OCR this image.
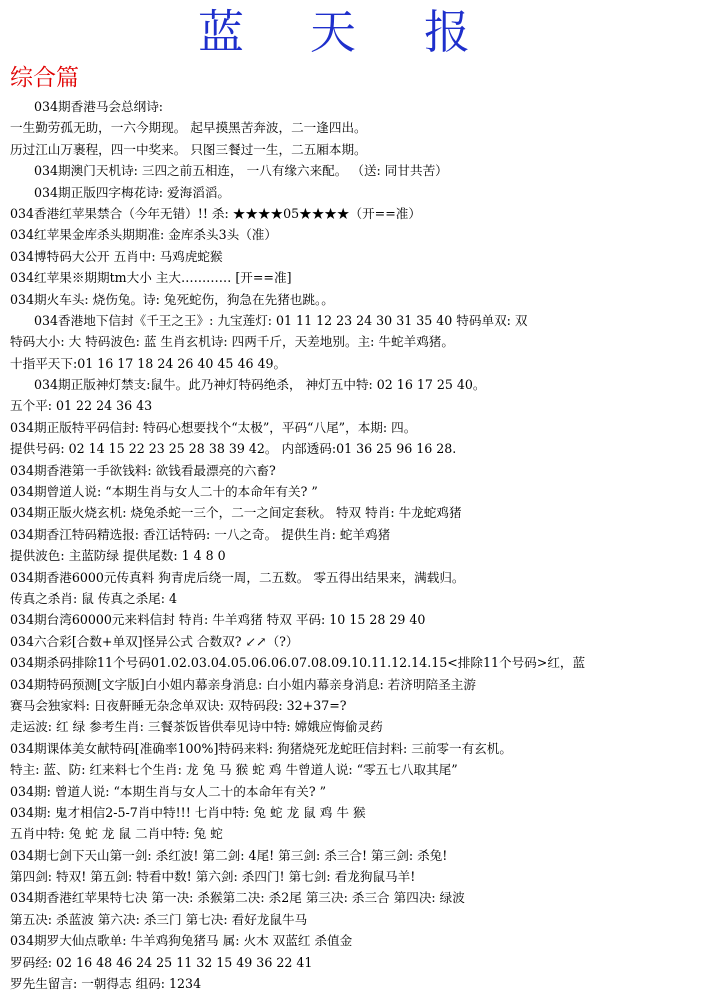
蓝 天 报
综合篇
034期香港马会总纲诗:
一生勤劳孤无助，一六今期现。 起早摸黑苦奔波，二一逢四出。
历过江山万裹程，四一中奖来。 只图三餐过一生，二五厢本期。
034期澳门天机诗: 三四之前五相连， 一八有缘六来配。 （送: 同甘共苦）
034期正版四字梅花诗: 爱海滔滔。
034香港红苹果禁合（今年无错）!! 杀: ★★★★05★★★★（开==准）
034红苹果金库杀头期期准: 金库杀头3头（准）
034博特码大公开 五肖中: 马鸡虎蛇猴
034红苹果※期期tm大小 主大………… [开==准]
034期火车头: 烧伤兔。诗: 兔死蛇伤，狗急在先猪也跳。。
034香港地下信封《千王之王》: 九宝莲灯: 01 11 12 23 24 30 31 35 40 特码单双: 双
特码大小: 大 特码波色: 蓝 生肖玄机诗: 四两千斤，天差地别。主: 牛蛇羊鸡猪。
十指平天下:01 16 17 18 24 26 40 45 46 49。
034期正版神灯禁支:鼠牛。此乃神灯特码绝杀， 神灯五中特: 02 16 17 25 40。
五个平: 01 22 24 36 43
034期正版特平码信封: 特码心想要找个“太极”，平码“八尾”，本期: 四。
提供号码: 02 14 15 22 23 25 28 38 39 42。 内部透码:01 36 25 96 16 28.
034期香港第一手欲钱料: 欲钱看最漂亮的六畜?
034期曾道人说: “本期生肖与女人二十的本命年有关? ”
034期正版火烧玄机: 烧兔杀蛇一三个，二一之间定套秋。 特双 特肖: 牛龙蛇鸡猪
034期香江特码精选报: 香江话特码: 一八之奇。 提供生肖: 蛇羊鸡猪
提供波色: 主蓝防绿 提供尾数: 1 4 8 0
034期香港6000元传真料 狗青虎后绕一周，二五数。 零五得出结果来，满载归。
传真之杀肖: 鼠 传真之杀尾: 4
034期台湾60000元来料信封 特肖: 牛羊鸡猪 特双 平码: 10 15 28 29 40
034六合彩[合数+单双]怪异公式 合数双? ↙↗（?）
034期杀码排除11个号码01.02.03.04.05.06.06.07.08.09.10.11.12.14.15<排除11个号码>红，蓝
034期特码预测[文字版]白小姐内幕亲身消息: 白小姐内幕亲身消息: 若济明陪圣主游
赛马会独家料: 日夜鼾睡无杂念单双诀: 双特码段: 32+37=?
走运波: 红 绿 参考生肖: 三餐茶饭皆供奉见诗中特: 嫦娥应悔偷灵药
034期课体美女献特码[准确率100%]特码来料: 狗猪烧死龙蛇旺信封料: 三前零一有玄机。
特主: 蓝、防: 红来料七个生肖: 龙 兔 马 猴 蛇 鸡 牛曾道人说: “零五七八取其尾”
034期: 曾道人说: “本期生肖与女人二十的本命年有关? ”
034期: 鬼才相信2-5-7肖中特!!! 七肖中特: 兔 蛇 龙 鼠 鸡 牛 猴
五肖中特: 兔 蛇 龙 鼠 二肖中特: 兔 蛇
034期七剑下天山第一剑: 杀红波! 第二剑: 4尾! 第三剑: 杀三合! 第三剑: 杀兔!
第四剑: 特双! 第五剑: 特看中数! 第六剑: 杀四门! 第七剑: 看龙狗鼠马羊!
034期香港红苹果特七决 第一决: 杀猴第二决: 杀2尾 第三决: 杀三合 第四决: 绿波
第五决: 杀蓝波 第六决: 杀三门 第七决: 看好龙鼠牛马
034期罗大仙点歌单: 牛羊鸡狗兔猪马 属: 火木 双蓝红 杀值金
罗码经: 02 16 48 46 24 25 11 32 15 49 36 22 41
罗先生留言: 一朝得志 组码: 1234
